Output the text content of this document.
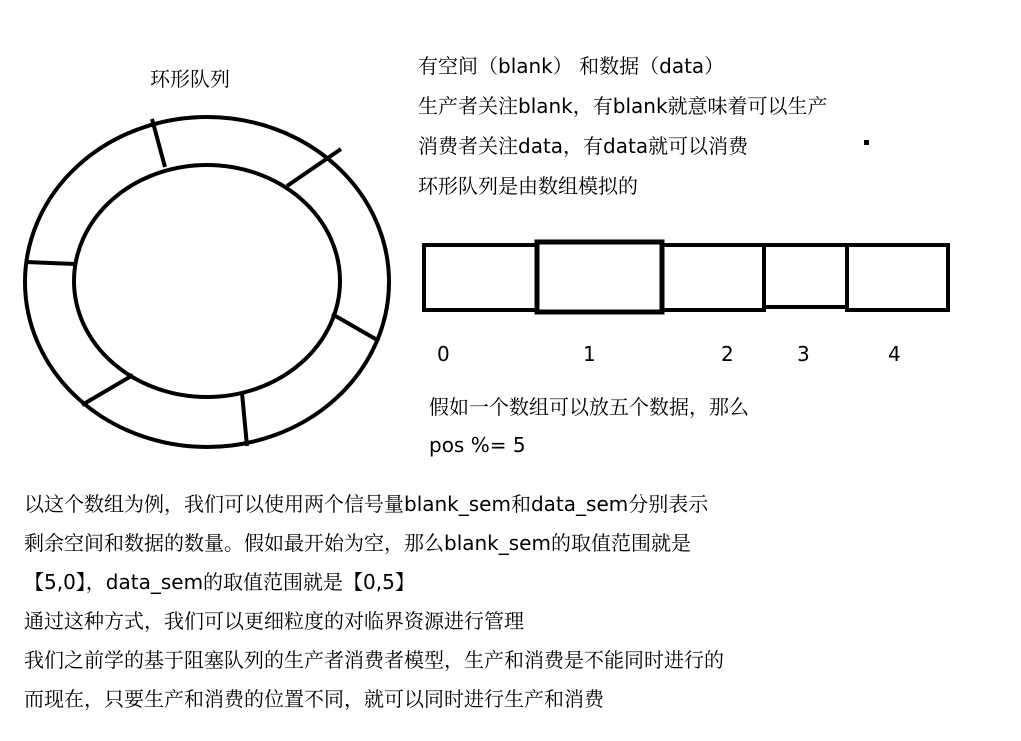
环形队列
有空间（blank） 和数据（data）
生产者关注blank，有blank就意味着可以生产
消费者关注data，有data就可以消费
环形队列是由数组模拟的
0	1	2	3	4
假如一个数组可以放五个数据，那么
pos %= 5
以这个数组为例，我们可以使用两个信号量blank_sem和data_sem分别表示
剩余空间和数据的数量。假如最开始为空，那么blank_sem的取值范围就是
【5,0】，data_sem的取值范围就是【0,5】
通过这种方式，我们可以更细粒度的对临界资源进行管理
我们之前学的基于阻塞队列的生产者消费者模型，生产和消费是不能同时进行的
而现在，只要生产和消费的位置不同，就可以同时进行生产和消费
